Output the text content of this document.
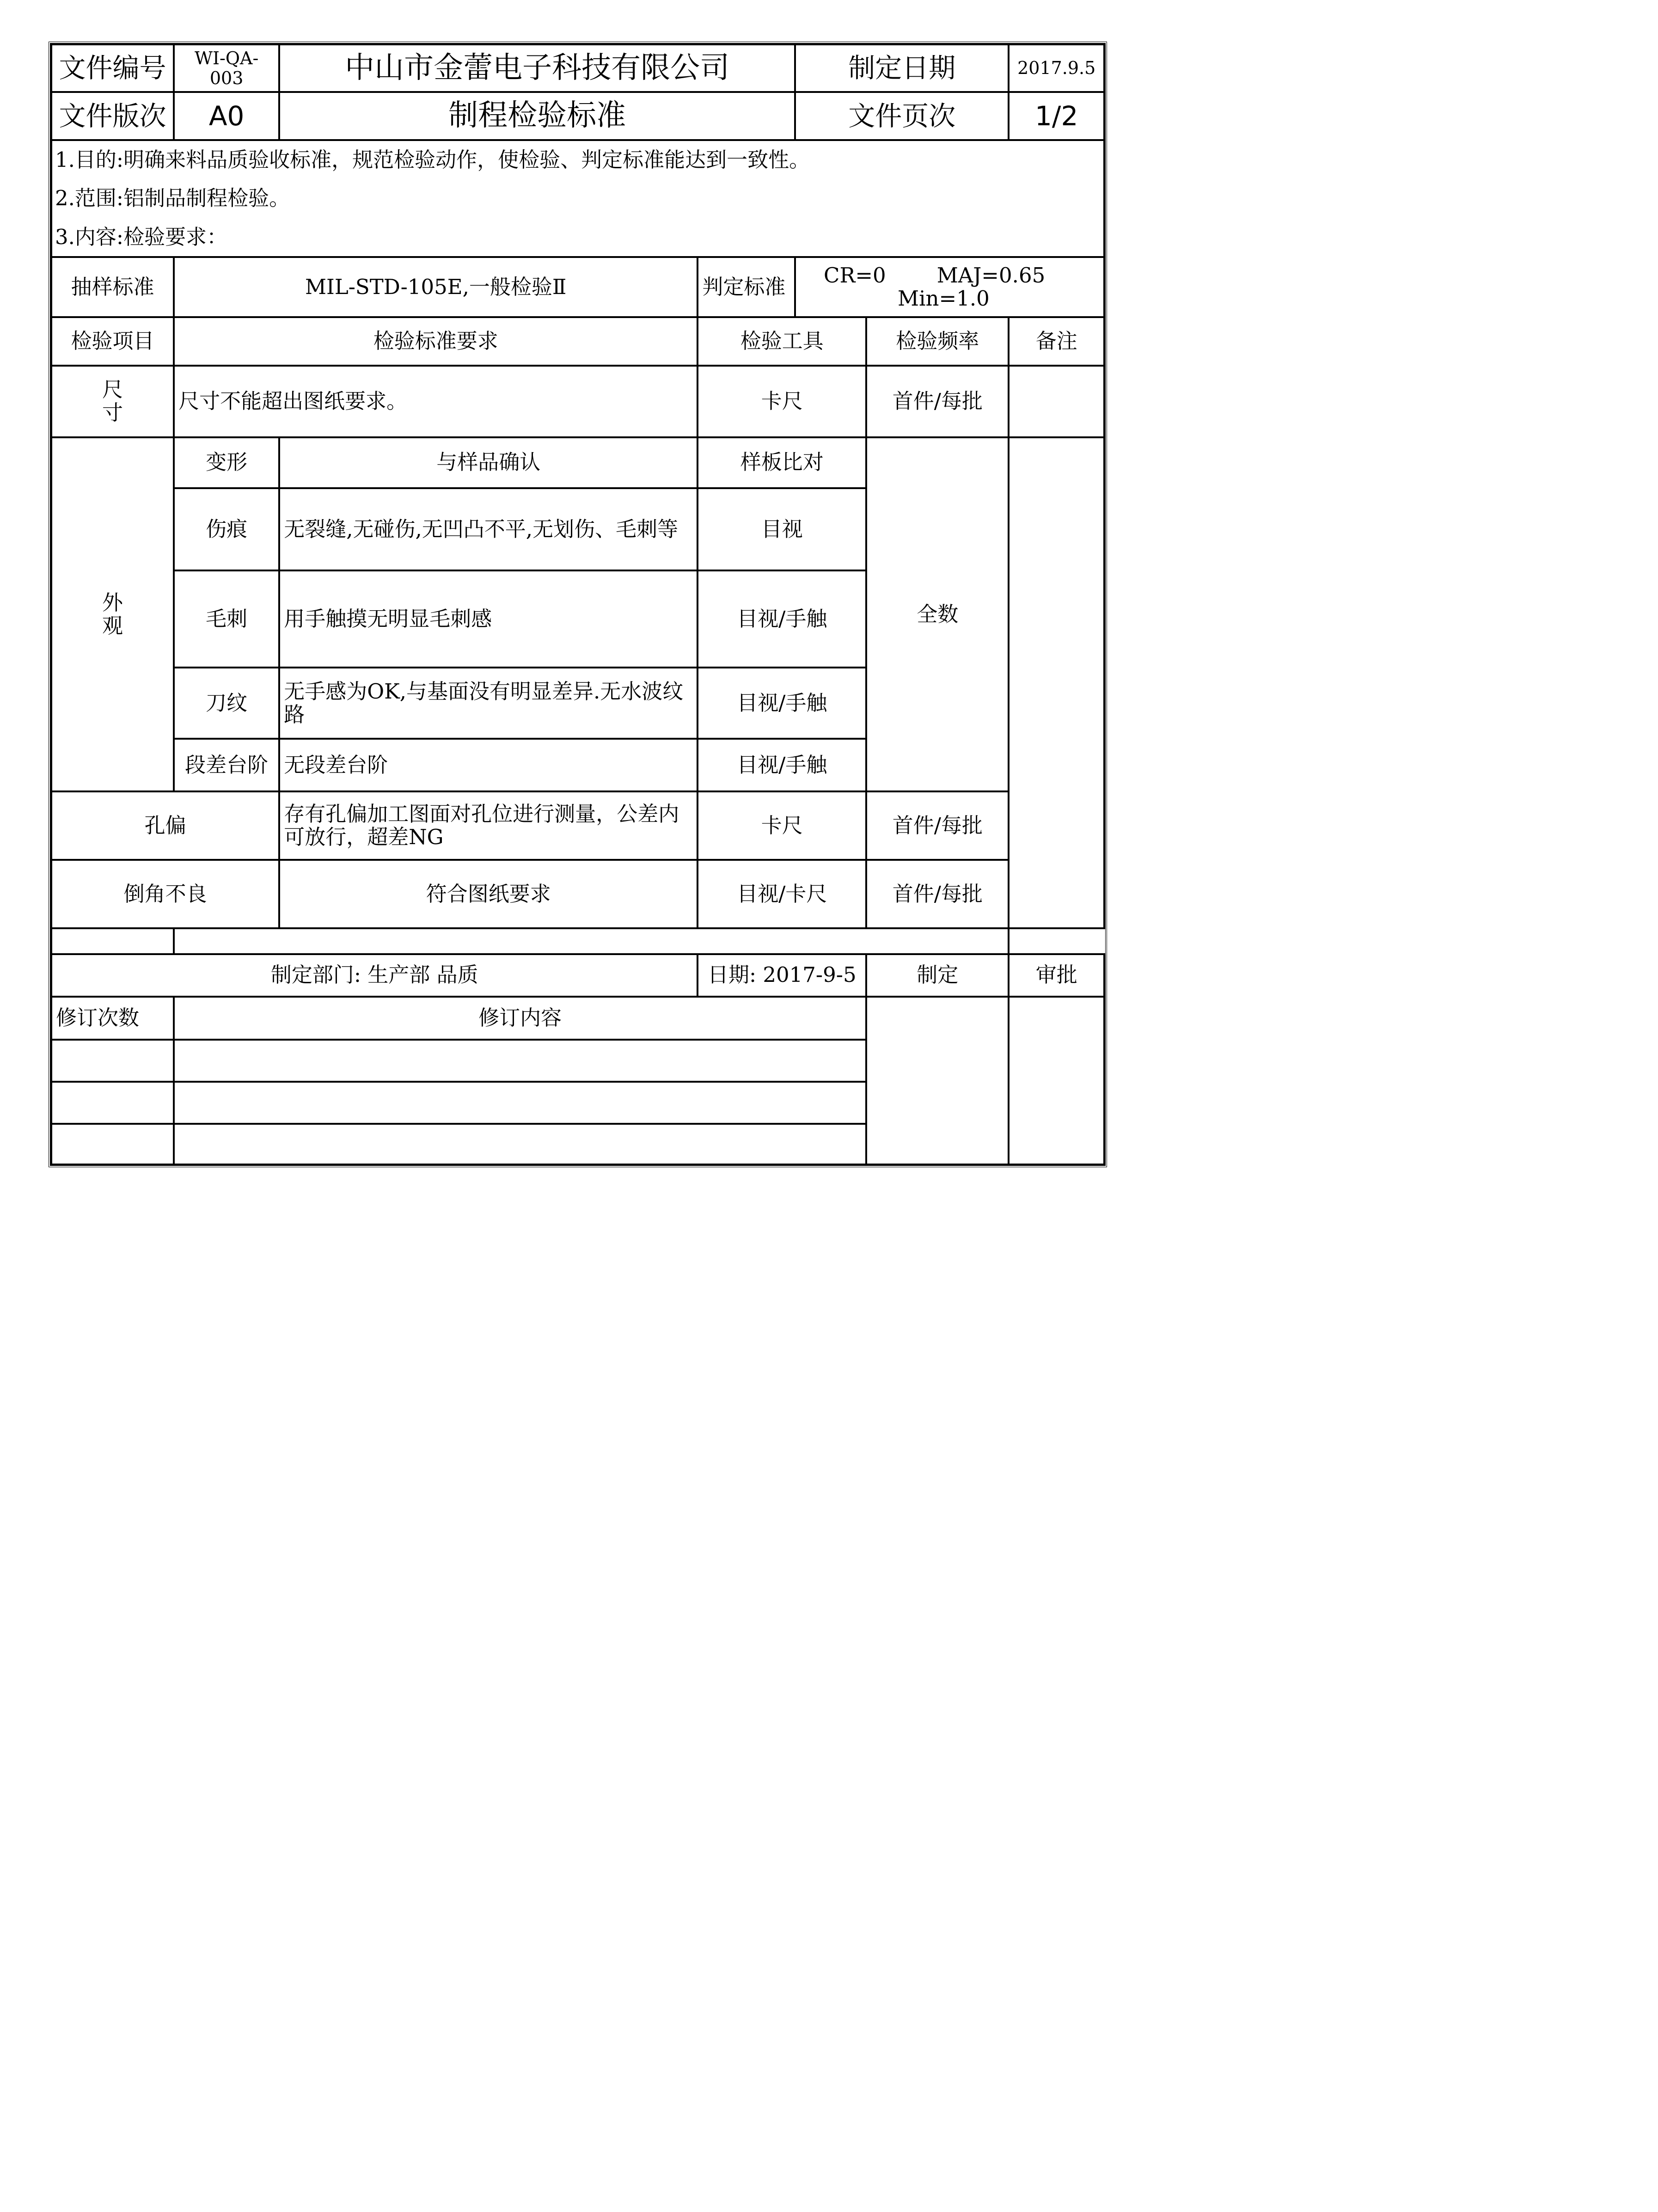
文件编号	WI-QA-003	中山市金蕾电子科技有限公司		制定日期		2017.9.5
文件版次	A0	制程检验标准		文件页次		1/2
1.目的:明确来料品质验收标准，规范检验动作，使检验、判定标准能达到一致性。						
2.范围:铝制品制程检验。						
3.内容:检验要求：						
抽样标准	MIL-STD-105E,一般检验Ⅱ		判定标准	CR=0 MAJ=0.65Min=1.0		
检验项目	检验标准要求		检验工具		检验频率	备注
尺 寸	尺寸不能超出图纸要求。		卡尺		首件/每批	
外 观	变形	与样品确认	样板比对		全数	
	伤痕	无裂缝,无碰伤,无凹凸不平,无划伤、毛刺等	目视			
	毛刺	用手触摸无明显毛刺感	目视/手触			
	刀纹	无手感为OK,与基面没有明显差异.无水波纹路	目视/手触			
	段差台阶	无段差台阶	目视/手触			
孔偏		存有孔偏加工图面对孔位进行测量，公差内可放行，超差NG	卡尺		首件/每批	
倒角不良		符合图纸要求	目视/卡尺		首件/每批	

制定部门: 生产部 品质			日期: 2017-9-5		制定	审批
修订次数	修订内容					
